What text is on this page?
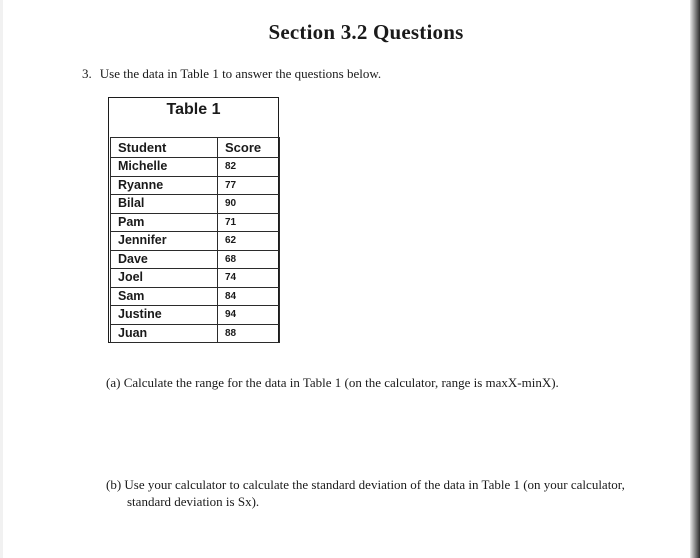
Section 3.2 Questions
3. Use the data in Table 1 to answer the questions below.
Table 1
Student	Score
Michelle	82
Ryanne	77
Bilal	90
Pam	71
Jennifer	62
Dave	68
Joel	74
Sam	84
Justine	94
Juan	88
(a) Calculate the range for the data in Table 1 (on the calculator, range is maxX-minX).
(b) Use your calculator to calculate the standard deviation of the data in Table 1 (on your calculator, standard deviation is Sx).
